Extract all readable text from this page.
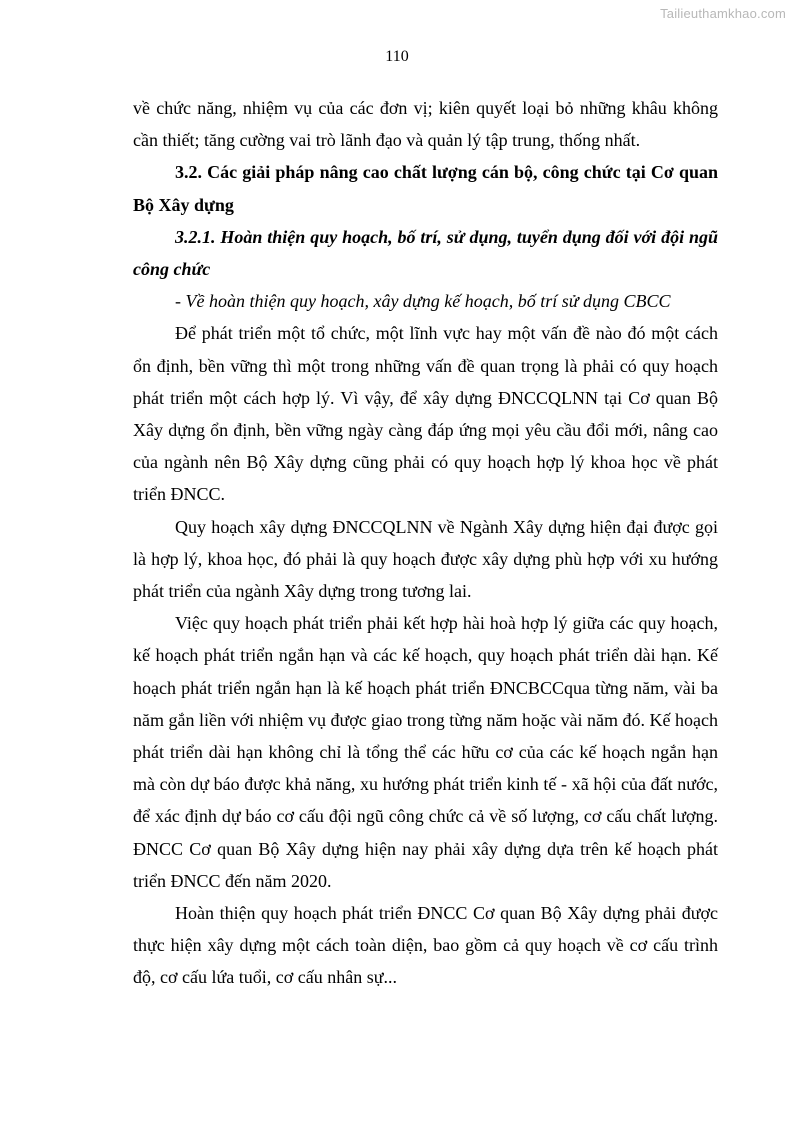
Tailieuthamkhao.com
110

về chức năng, nhiệm vụ của các đơn vị; kiên quyết loại bỏ những khâu không cần thiết; tăng cường vai trò lãnh đạo và quản lý tập trung, thống nhất.

3.2. Các giải pháp nâng cao chất lượng cán bộ, công chức tại Cơ quan Bộ Xây dựng

3.2.1. Hoàn thiện quy hoạch, bố trí, sử dụng, tuyển dụng đối với đội ngũ công chức

- Về hoàn thiện quy hoạch, xây dựng kế hoạch, bố trí sử dụng CBCC

Để phát triển một tổ chức, một lĩnh vực hay một vấn đề nào đó một cách ổn định, bền vững thì một trong những vấn đề quan trọng là phải có quy hoạch phát triển một cách hợp lý. Vì vậy, để xây dựng ĐNCCQLNN tại Cơ quan Bộ Xây dựng ổn định, bền vững ngày càng đáp ứng mọi yêu cầu đổi mới, nâng cao của ngành nên Bộ Xây dựng cũng phải có quy hoạch hợp lý khoa học về phát triển ĐNCC.

Quy hoạch xây dựng ĐNCCQLNN về Ngành Xây dựng hiện đại được gọi là hợp lý, khoa học, đó phải là quy hoạch được xây dựng phù hợp với xu hướng phát triển của ngành Xây dựng trong tương lai.

Việc quy hoạch phát triển phải kết hợp hài hoà hợp lý giữa các quy hoạch, kế hoạch phát triển ngắn hạn và các kế hoạch, quy hoạch phát triển dài hạn. Kế hoạch phát triển ngắn hạn là kế hoạch phát triển ĐNCBCCqua từng năm, vài ba năm gắn liền với nhiệm vụ được giao trong từng năm hoặc vài năm đó. Kế hoạch phát triển dài hạn không chỉ là tổng thể các hữu cơ của các kế hoạch ngắn hạn mà còn dự báo được khả năng, xu hướng phát triển kinh tế - xã hội của đất nước, để xác định dự báo cơ cấu đội ngũ công chức cả về số lượng, cơ cấu chất lượng. ĐNCC Cơ quan Bộ Xây dựng hiện nay phải xây dựng dựa trên kế hoạch phát triển ĐNCC đến năm 2020.

Hoàn thiện quy hoạch phát triển ĐNCC Cơ quan Bộ Xây dựng phải được thực hiện xây dựng một cách toàn diện, bao gồm cả quy hoạch về cơ cấu trình độ, cơ cấu lứa tuổi, cơ cấu nhân sự...
